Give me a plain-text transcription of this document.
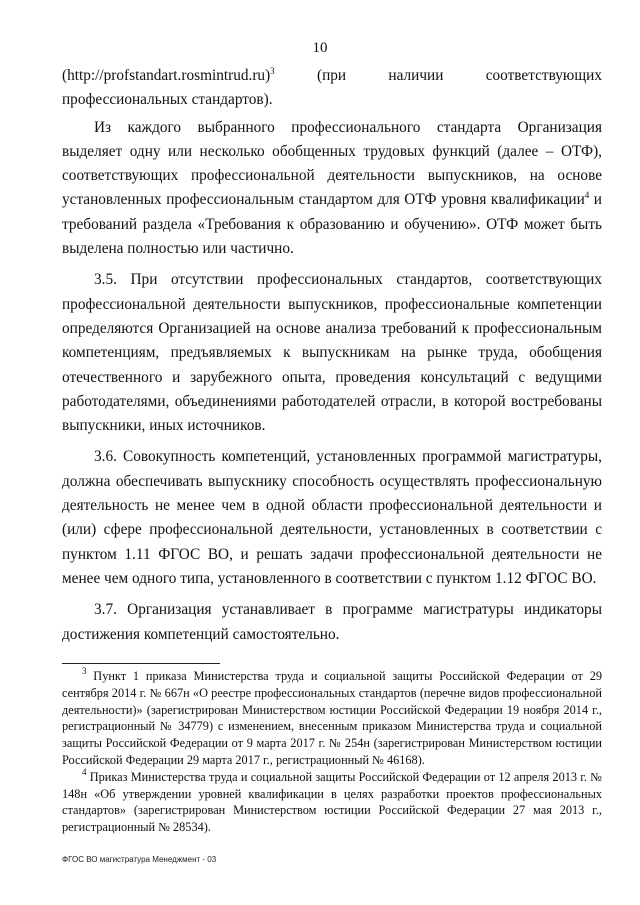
10
(http://profstandart.rosmintrud.ru)$^3$	(при	наличии	соответствующих

профессиональных стандартов).

Из каждого выбранного профессионального стандарта Организация выделяет одну или несколько обобщенных трудовых функций (далее – ОТФ), соответствующих профессиональной деятельности выпускников, на основе установленных профессиональным стандартом для ОТФ уровня квалификации$^4$ и требований раздела «Требования к образованию и обучению». ОТФ может быть выделена полностью или частично.

3.5. При отсутствии профессиональных стандартов, соответствующих профессиональной деятельности выпускников, профессиональные компетенции определяются Организацией на основе анализа требований к профессиональным компетенциям, предъявляемых к выпускникам на рынке труда, обобщения отечественного и зарубежного опыта, проведения консультаций с ведущими работодателями, объединениями работодателей отрасли, в которой востребованы выпускники, иных источников.

3.6. Совокупность компетенций, установленных программой магистратуры, должна обеспечивать выпускнику способность осуществлять профессиональную деятельность не менее чем в одной области профессиональной деятельности и (или) сфере профессиональной деятельности, установленных в соответствии с пунктом 1.11 ФГОС ВО, и решать задачи профессиональной деятельности не менее чем одного типа, установленного в соответствии с пунктом 1.12 ФГОС ВО.

3.7. Организация устанавливает в программе магистратуры индикаторы достижения компетенций самостоятельно.

$^3$ Пункт 1 приказа Министерства труда и социальной защиты Российской Федерации от 29 сентября 2014 г. № 667н «О реестре профессиональных стандартов (перечне видов профессиональной деятельности)» (зарегистрирован Министерством юстиции Российской Федерации 19 ноября 2014 г., регистрационный № 34779) с изменением, внесенным приказом Министерства труда и социальной защиты Российской Федерации от 9 марта 2017 г. № 254н (зарегистрирован Министерством юстиции Российской Федерации 29 марта 2017 г., регистрационный № 46168).

$^4$ Приказ Министерства труда и социальной защиты Российской Федерации от 12 апреля 2013 г. № 148н «Об утверждении уровней квалификации в целях разработки проектов профессиональных стандартов» (зарегистрирован Министерством юстиции Российской Федерации 27 мая 2013 г., регистрационный № 28534).

ФГОС ВО магистратура Менеджмент - 03
